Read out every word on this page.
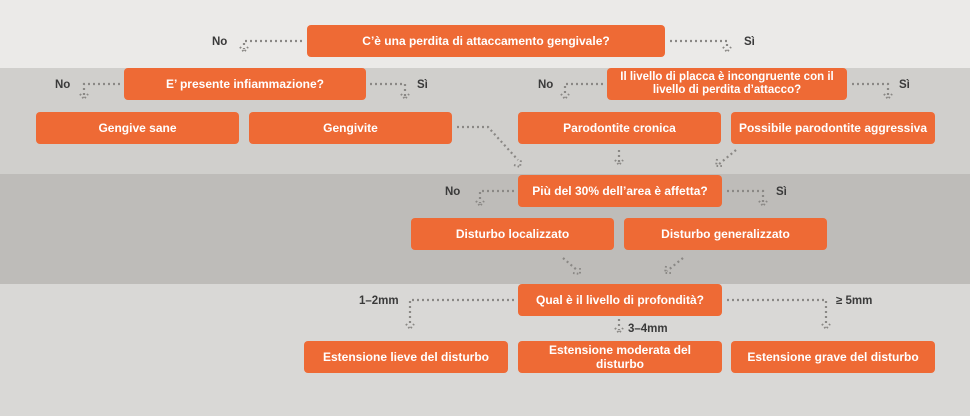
C’è una perdita di attaccamento gengivale?
No	Sì
E’ presente infiammazione?
No	Sì
Il livello di placca è incongruente con il livello di perdita d’attacco?
No	Sì
Gengive sane	Gengivite	Parodontite cronica	Possibile parodontite aggressiva
Più del 30% dell’area è affetta?
No	Sì
Disturbo localizzato	Disturbo generalizzato
Qual è il livello di profondità?
1–2mm
3–4mm
≥ 5mm
Estensione lieve del disturbo	Estensione moderata del disturbo	Estensione grave del disturbo
